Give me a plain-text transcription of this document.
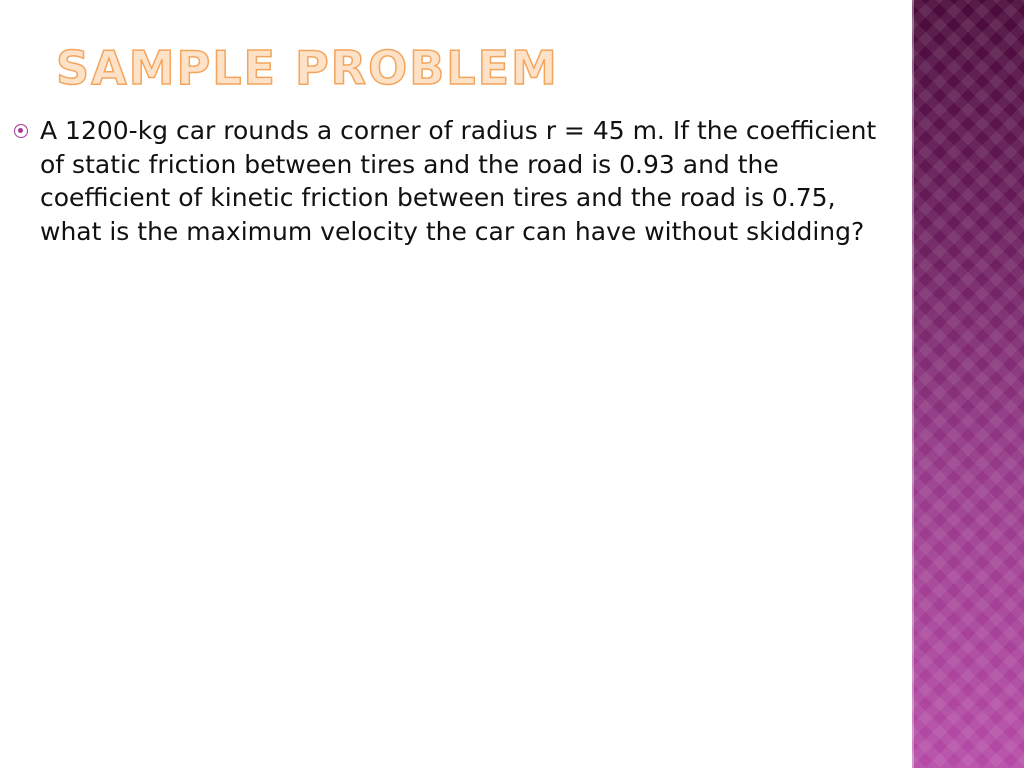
SAMPLE PROBLEM

A 1200-kg car rounds a corner of radius r = 45 m. If the coefficient of static friction between tires and the road is 0.93 and the coefficient of kinetic friction between tires and the road is 0.75, what is the maximum velocity the car can have without skidding?
